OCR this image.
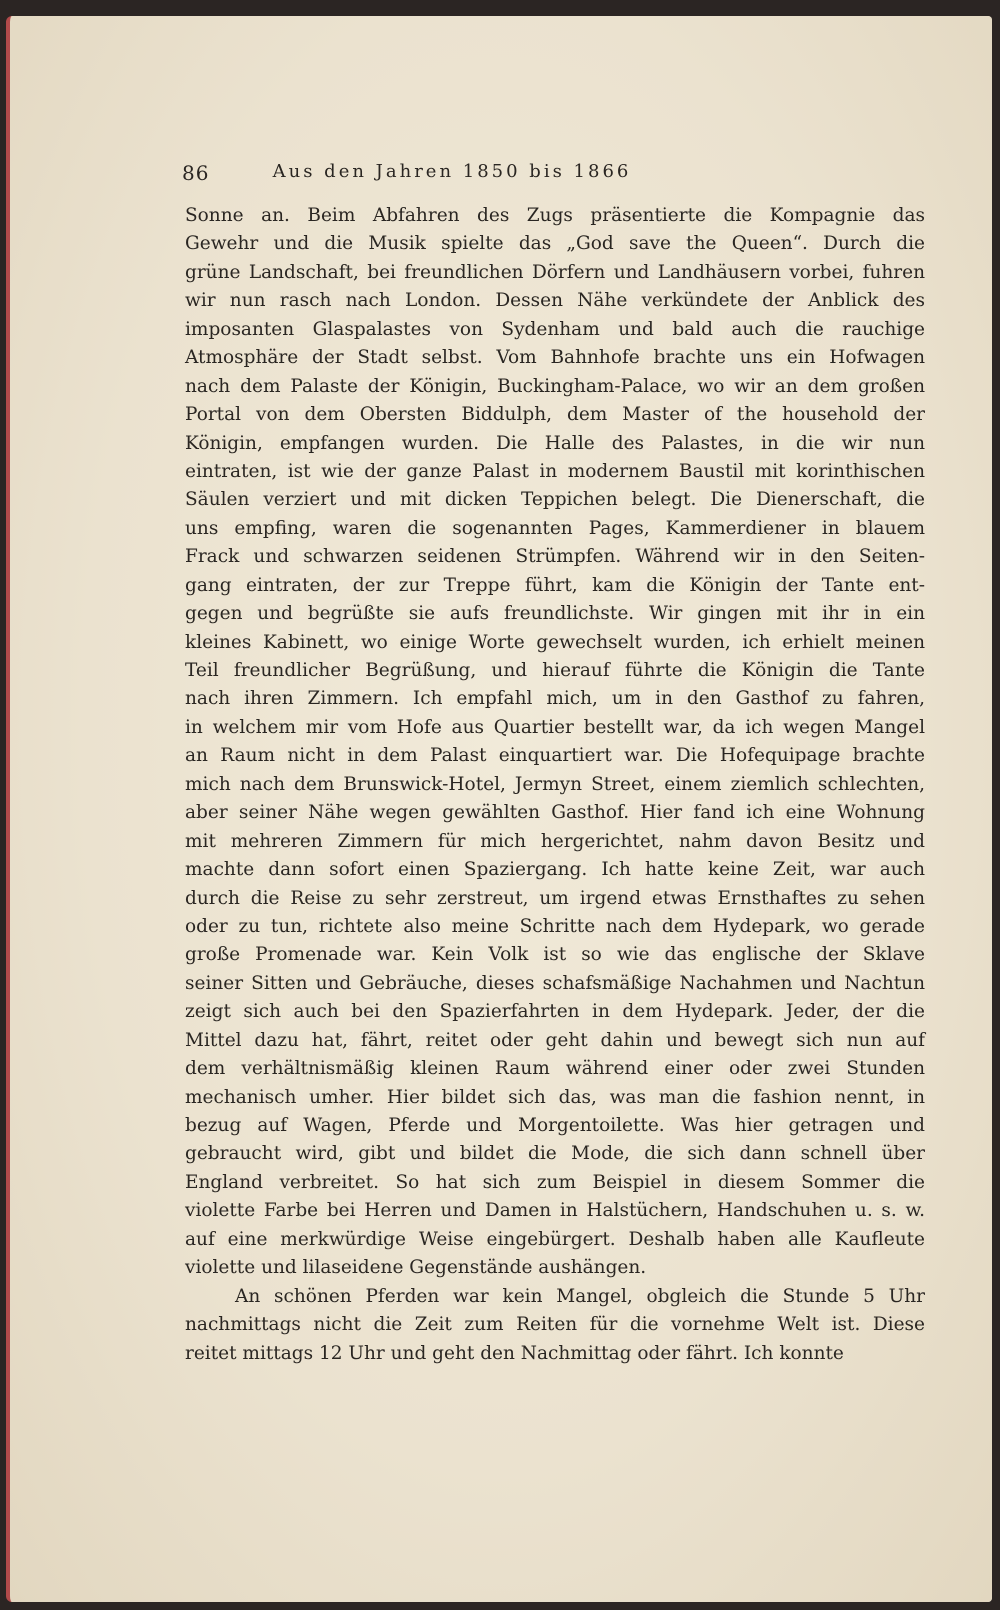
86	Aus den Jahren 1850 bis 1866
Sonne an. Beim Abfahren des Zugs präsentierte die Kompagnie das
Gewehr und die Musik spielte das „God save the Queen“. Durch die
grüne Landschaft, bei freundlichen Dörfern und Landhäusern vorbei, fuhren
wir nun rasch nach London. Dessen Nähe verkündete der Anblick des
imposanten Glaspalastes von Sydenham und bald auch die rauchige
Atmosphäre der Stadt selbst. Vom Bahnhofe brachte uns ein Hofwagen
nach dem Palaste der Königin, Buckingham-Palace, wo wir an dem großen
Portal von dem Obersten Biddulph, dem Master of the household der
Königin, empfangen wurden. Die Halle des Palastes, in die wir nun
eintraten, ist wie der ganze Palast in modernem Baustil mit korinthischen
Säulen verziert und mit dicken Teppichen belegt. Die Dienerschaft, die
uns empfing, waren die sogenannten Pages, Kammerdiener in blauem
Frack und schwarzen seidenen Strümpfen. Während wir in den Seiten-
gang eintraten, der zur Treppe führt, kam die Königin der Tante ent-
gegen und begrüßte sie aufs freundlichste. Wir gingen mit ihr in ein
kleines Kabinett, wo einige Worte gewechselt wurden, ich erhielt meinen
Teil freundlicher Begrüßung, und hierauf führte die Königin die Tante
nach ihren Zimmern. Ich empfahl mich, um in den Gasthof zu fahren,
in welchem mir vom Hofe aus Quartier bestellt war, da ich wegen Mangel
an Raum nicht in dem Palast einquartiert war. Die Hofequipage brachte
mich nach dem Brunswick-Hotel, Jermyn Street, einem ziemlich schlechten,
aber seiner Nähe wegen gewählten Gasthof. Hier fand ich eine Wohnung
mit mehreren Zimmern für mich hergerichtet, nahm davon Besitz und
machte dann sofort einen Spaziergang. Ich hatte keine Zeit, war auch
durch die Reise zu sehr zerstreut, um irgend etwas Ernsthaftes zu sehen
oder zu tun, richtete also meine Schritte nach dem Hydepark, wo gerade
große Promenade war. Kein Volk ist so wie das englische der Sklave
seiner Sitten und Gebräuche, dieses schafsmäßige Nachahmen und Nachtun
zeigt sich auch bei den Spazierfahrten in dem Hydepark. Jeder, der die
Mittel dazu hat, fährt, reitet oder geht dahin und bewegt sich nun auf
dem verhältnismäßig kleinen Raum während einer oder zwei Stunden
mechanisch umher. Hier bildet sich das, was man die fashion nennt, in
bezug auf Wagen, Pferde und Morgentoilette. Was hier getragen und
gebraucht wird, gibt und bildet die Mode, die sich dann schnell über
England verbreitet. So hat sich zum Beispiel in diesem Sommer die
violette Farbe bei Herren und Damen in Halstüchern, Handschuhen u. s. w.
auf eine merkwürdige Weise eingebürgert. Deshalb haben alle Kaufleute
violette und lilaseidene Gegenstände aushängen.
An schönen Pferden war kein Mangel, obgleich die Stunde 5 Uhr
nachmittags nicht die Zeit zum Reiten für die vornehme Welt ist. Diese
reitet mittags 12 Uhr und geht den Nachmittag oder fährt. Ich konnte
